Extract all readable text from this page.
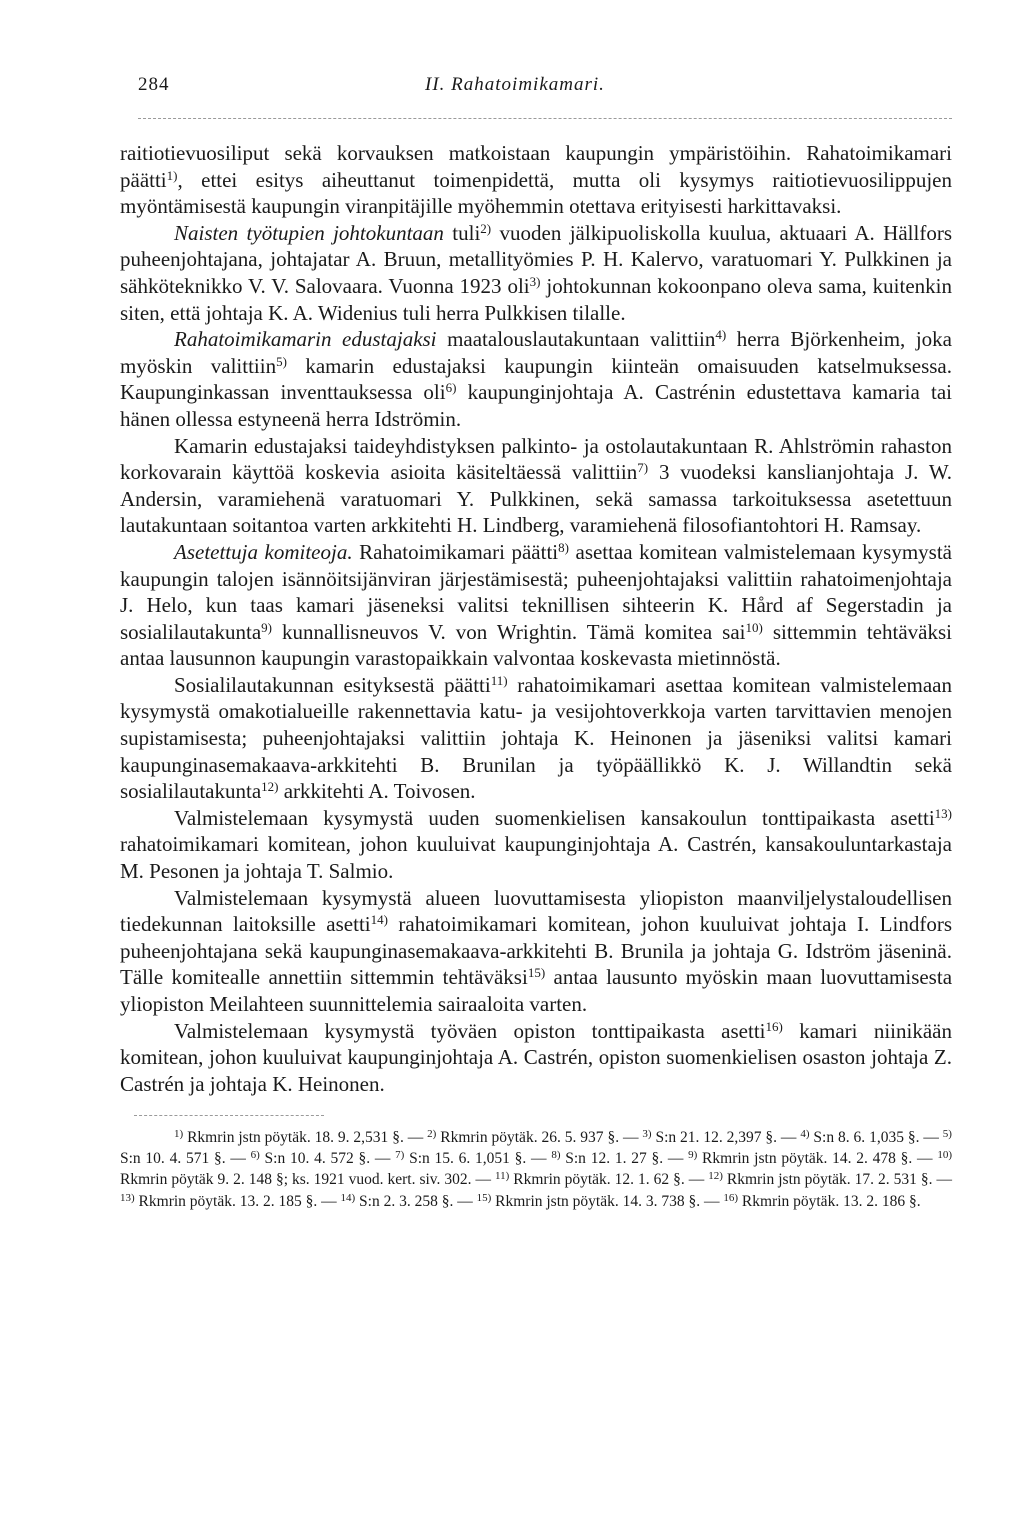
284	II. Rahatoimikamari.

raitiotievuosiliput sekä korvauksen matkoistaan kaupungin ympäristöihin. Rahatoimikamari päätti$^{1)}$, ettei esitys aiheuttanut toimenpidettä, mutta oli kysymys raitiotievuosilippujen myöntämisestä kaupungin viranpitäjille myöhemmin otettava erityisesti harkittavaksi.

Naisten työtupien johtokuntaan tuli$^{2)}$ vuoden jälkipuoliskolla kuulua, aktuaari A. Hällfors puheenjohtajana, johtajatar A. Bruun, metallityömies P. H. Kalervo, varatuomari Y. Pulkkinen ja sähköteknikko V. V. Salovaara. Vuonna 1923 oli$^{3)}$ johtokunnan kokoonpano oleva sama, kuitenkin siten, että johtaja K. A. Widenius tuli herra Pulkkisen tilalle.

Rahatoimikamarin edustajaksi maatalouslautakuntaan valittiin$^{4)}$ herra Björkenheim, joka myöskin valittiin$^{5)}$ kamarin edustajaksi kaupungin kiinteän omaisuuden katselmuksessa. Kaupunginkassan inventtauksessa oli$^{6)}$ kaupunginjohtaja A. Castrénin edustettava kamaria tai hänen ollessa estyneenä herra Idströmin.

Kamarin edustajaksi taideyhdistyksen palkinto- ja ostolautakuntaan R. Ahlströmin rahaston korkovarain käyttöä koskevia asioita käsiteltäessä valittiin$^{7)}$ 3 vuodeksi kanslianjohtaja J. W. Andersin, varamiehenä varatuomari Y. Pulkkinen, sekä samassa tarkoituksessa asetettuun lautakuntaan soitantoa varten arkkitehti H. Lindberg, varamiehenä filosofiantohtori H. Ramsay.

Asetettuja komiteoja. Rahatoimikamari päätti$^{8)}$ asettaa komitean valmistelemaan kysymystä kaupungin talojen isännöitsijänviran järjestämisestä; puheenjohtajaksi valittiin rahatoimenjohtaja J. Helo, kun taas kamari jäseneksi valitsi teknillisen sihteerin K. Hård af Segerstadin ja sosialilautakunta$^{9)}$ kunnallisneuvos V. von Wrightin. Tämä komitea sai$^{10)}$ sittemmin tehtäväksi antaa lausunnon kaupungin varastopaikkain valvontaa koskevasta mietinnöstä.

Sosialilautakunnan esityksestä päätti$^{11)}$ rahatoimikamari asettaa komitean valmistelemaan kysymystä omakotialueille rakennettavia katu- ja vesijohtoverkkoja varten tarvittavien menojen supistamisesta; puheenjohtajaksi valittiin johtaja K. Heinonen ja jäseniksi valitsi kamari kaupunginasemakaava-arkkitehti B. Brunilan ja työpäällikkö K. J. Willandtin sekä sosialilautakunta$^{12)}$ arkkitehti A. Toivosen.

Valmistelemaan kysymystä uuden suomenkielisen kansakoulun tonttipaikasta asetti$^{13)}$ rahatoimikamari komitean, johon kuuluivat kaupunginjohtaja A. Castrén, kansakouluntarkastaja M. Pesonen ja johtaja T. Salmio.

Valmistelemaan kysymystä alueen luovuttamisesta yliopiston maanviljelystaloudellisen tiedekunnan laitoksille asetti$^{14)}$ rahatoimikamari komitean, johon kuuluivat johtaja I. Lindfors puheenjohtajana sekä kaupunginasemakaava-arkkitehti B. Brunila ja johtaja G. Idström jäseninä. Tälle komitealle annettiin sittemmin tehtäväksi$^{15)}$ antaa lausunto myöskin maan luovuttamisesta yliopiston Meilahteen suunnittelemia sairaaloita varten.

Valmistelemaan kysymystä työväen opiston tonttipaikasta asetti$^{16)}$ kamari niinikään komitean, johon kuuluivat kaupunginjohtaja A. Castrén, opiston suomenkielisen osaston johtaja Z. Castrén ja johtaja K. Heinonen.

$^{1)}$ Rkmrin jstn pöytäk. 18. 9. 2,531 §. — $^{2)}$ Rkmrin pöytäk. 26. 5. 937 §. — $^{3)}$ S:n 21. 12. 2,397 §. — $^{4)}$ S:n 8. 6. 1,035 §. — $^{5)}$ S:n 10. 4. 571 §. — $^{6)}$ S:n 10. 4. 572 §. — $^{7)}$ S:n 15. 6. 1,051 §. — $^{8)}$ S:n 12. 1. 27 §. — $^{9)}$ Rkmrin jstn pöytäk. 14. 2. 478 §. — $^{10)}$ Rkmrin pöytäk 9. 2. 148 §; ks. 1921 vuod. kert. siv. 302. — $^{11)}$ Rkmrin pöytäk. 12. 1. 62 §. — $^{12)}$ Rkmrin jstn pöytäk. 17. 2. 531 §. — $^{13)}$ Rkmrin pöytäk. 13. 2. 185 §. — $^{14)}$ S:n 2. 3. 258 §. — $^{15)}$ Rkmrin jstn pöytäk. 14. 3. 738 §. — $^{16)}$ Rkmrin pöytäk. 13. 2. 186 §.
